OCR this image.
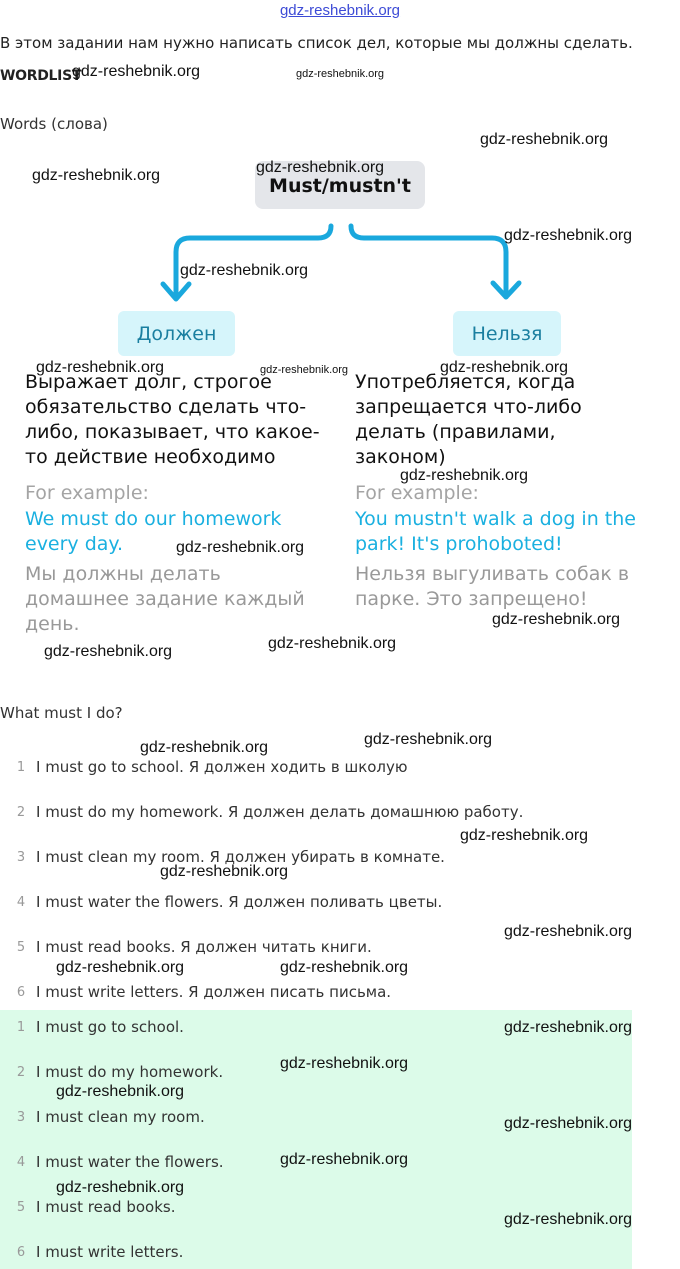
gdz-reshebnik.org
В этом задании нам нужно написать список дел, которые мы должны сделать.
WORDLIST
Words (слова)
Must/mustn't
Должен	Нельзя
Выражает долг, строгое обязательство сделать что-либо, показывает, что какое-то действие необходимо
For example:
We must do our homework every day.
Мы должны делать домашнее задание каждый день.
Употребляется, когда запрещается что-либо делать (правилами, законом)
For example:
You mustn't walk a dog in the park! It's prohoboted!
Нельзя выгуливать собак в парке. Это запрещено!
What must I do?
1 I must go to school. Я должен ходить в школую
2 I must do my homework. Я должен делать домашнюю работу.
3 I must clean my room. Я должен убирать в комнате.
4 I must water the flowers. Я должен поливать цветы.
5 I must read books. Я должен читать книги.
6 I must write letters. Я должен писать письма.
1 I must go to school.
2 I must do my homework.
3 I must clean my room.
4 I must water the flowers.
5 I must read books.
6 I must write letters.
gdz-reshebnik.org	gdz-reshebnik.org
gdz-reshebnik.org
gdz-reshebnik.org	gdz-reshebnik.org
gdz-reshebnik.org
gdz-reshebnik.org
gdz-reshebnik.org	gdz-reshebnik.org	gdz-reshebnik.org
gdz-reshebnik.org
gdz-reshebnik.org
gdz-reshebnik.org
gdz-reshebnik.org
gdz-reshebnik.org
gdz-reshebnik.org	gdz-reshebnik.org
gdz-reshebnik.org
gdz-reshebnik.org
gdz-reshebnik.org
gdz-reshebnik.org	gdz-reshebnik.org
gdz-reshebnik.org
gdz-reshebnik.org
gdz-reshebnik.org
gdz-reshebnik.org
gdz-reshebnik.org
gdz-reshebnik.org
gdz-reshebnik.org
